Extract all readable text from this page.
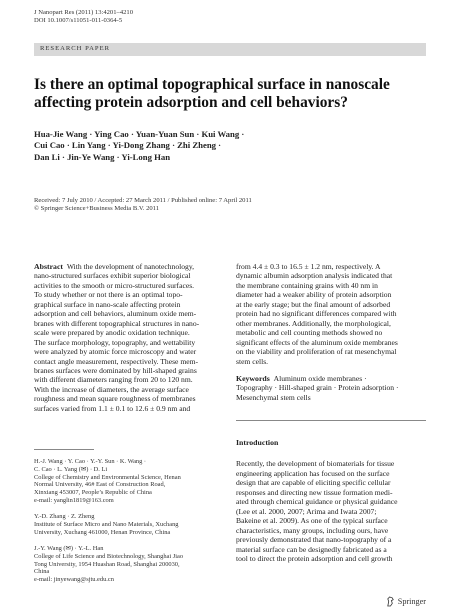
J Nanopart Res (2011) 13:4201–4210
DOI 10.1007/s11051-011-0364-5
RESEARCH PAPER
Is there an optimal topographical surface in nanoscale
affecting protein adsorption and cell behaviors?
Hua-Jie Wang · Ying Cao · Yuan-Yuan Sun · Kui Wang ·
Cui Cao · Lin Yang · Yi-Dong Zhang · Zhi Zheng ·
Dan Li · Jin-Ye Wang · Yi-Long Han
Received: 7 July 2010 / Accepted: 27 March 2011 / Published online: 7 April 2011
© Springer Science+Business Media B.V. 2011
Abstract With the development of nanotechnology,
nano-structured surfaces exhibit superior biological
activities to the smooth or micro-structured surfaces.
To study whether or not there is an optimal topo-
graphical surface in nano-scale affecting protein
adsorption and cell behaviors, aluminum oxide mem-
branes with different topographical structures in nano-
scale were prepared by anodic oxidation technique.
The surface morphology, topography, and wettability
were analyzed by atomic force microscopy and water
contact angle measurement, respectively. These mem-
branes surfaces were dominated by hill-shaped grains
with different diameters ranging from 20 to 120 nm.
With the increase of diameters, the average surface
roughness and mean square roughness of membranes
surfaces varied from 1.1 ± 0.1 to 12.6 ± 0.9 nm and
from 4.4 ± 0.3 to 16.5 ± 1.2 nm, respectively. A
dynamic albumin adsorption analysis indicated that
the membrane containing grains with 40 nm in
diameter had a weaker ability of protein adsorption
at the early stage; but the final amount of adsorbed
protein had no significant differences compared with
other membranes. Additionally, the morphological,
metabolic and cell counting methods showed no
significant effects of the aluminum oxide membranes
on the viability and proliferation of rat mesenchymal
stem cells.
Keywords Aluminum oxide membranes ·
Topography · Hill-shaped grain · Protein adsorption ·
Mesenchymal stem cells
H.-J. Wang · Y. Cao · Y.-Y. Sun · K. Wang ·
C. Cao · L. Yang (✉) · D. Li
College of Chemistry and Environmental Science, Henan
Normal University, 46# East of Construction Road,
Xinxiang 453007, People’s Republic of China
e-mail: yanglin1819@163.com
Y.-D. Zhang · Z. Zheng
Institute of Surface Micro and Nano Materials, Xuchang
University, Xuchang 461000, Henan Province, China
J.-Y. Wang (✉) · Y.-L. Han
College of Life Science and Biotechnology, Shanghai Jiao
Tong University, 1954 Huashan Road, Shanghai 200030,
China
e-mail: jinyewang@sjtu.edu.cn
Introduction
Recently, the development of biomaterials for tissue
engineering application has focused on the surface
design that are capable of eliciting specific cellular
responses and directing new tissue formation medi-
ated through chemical guidance or physical guidance
(Lee et al. 2000, 2007; Arima and Iwata 2007;
Bakeine et al. 2009). As one of the typical surface
characteristics, many groups, including ours, have
previously demonstrated that nano-topography of a
material surface can be designedly fabricated as a
tool to direct the protein adsorption and cell growth
Springer
